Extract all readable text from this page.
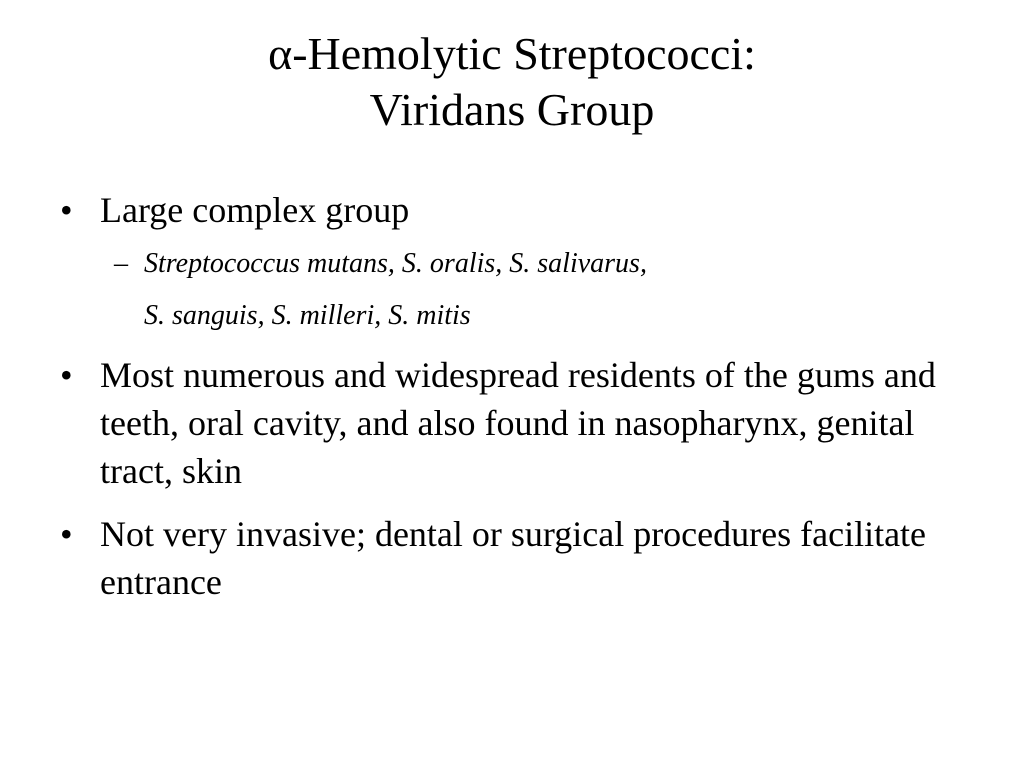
α-Hemolytic Streptococci:
Viridans Group
• Large complex group
– Streptococcus mutans, S. oralis, S. salivarus,
S. sanguis, S. milleri, S. mitis
• Most numerous and widespread residents of the gums and teeth, oral cavity, and also found in nasopharynx, genital tract, skin
• Not very invasive; dental or surgical procedures facilitate entrance
